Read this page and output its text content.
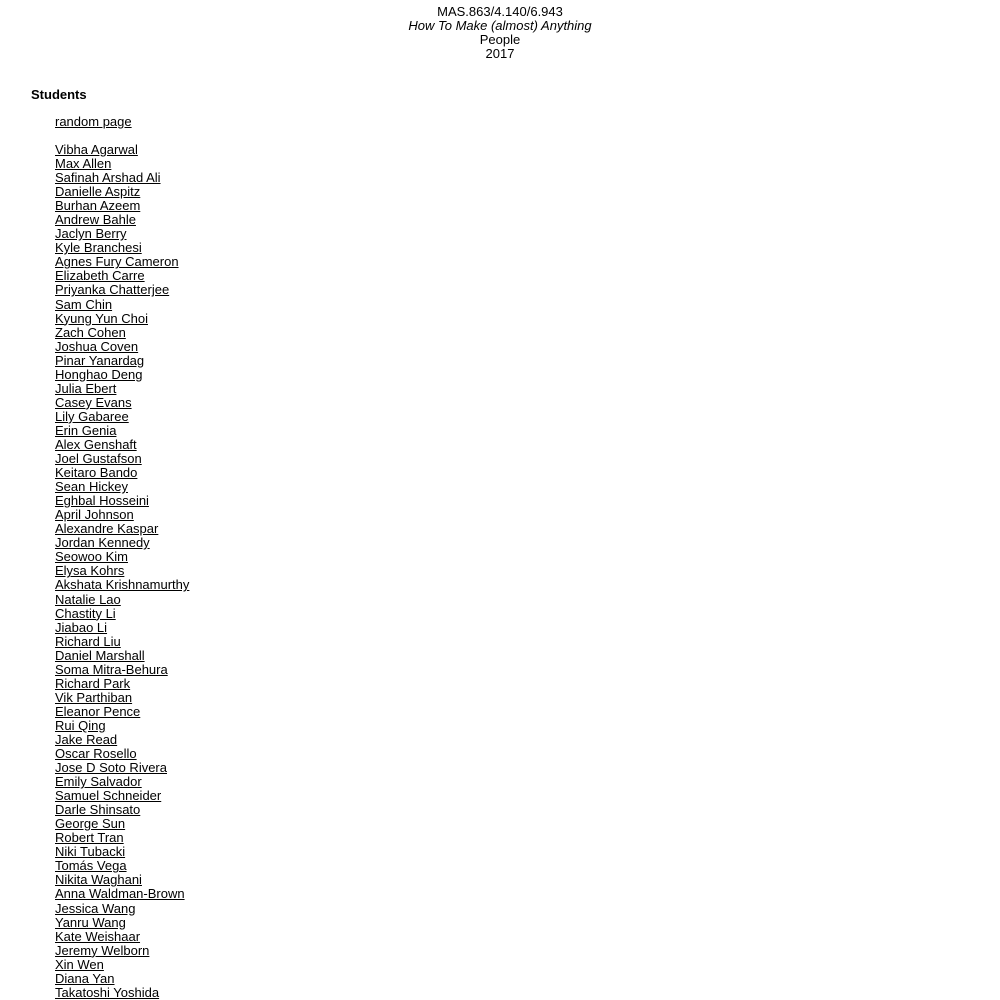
MAS.863/4.140/6.943
How To Make (almost) Anything
People
2017
Students
random page
Vibha Agarwal
Max Allen
Safinah Arshad Ali
Danielle Aspitz
Burhan Azeem
Andrew Bahle
Jaclyn Berry
Kyle Branchesi
Agnes Fury Cameron
Elizabeth Carre
Priyanka Chatterjee
Sam Chin
Kyung Yun Choi
Zach Cohen
Joshua Coven
Pinar Yanardag
Honghao Deng
Julia Ebert
Casey Evans
Lily Gabaree
Erin Genia
Alex Genshaft
Joel Gustafson
Keitaro Bando
Sean Hickey
Eghbal Hosseini
April Johnson
Alexandre Kaspar
Jordan Kennedy
Seowoo Kim
Elysa Kohrs
Akshata Krishnamurthy
Natalie Lao
Chastity Li
Jiabao Li
Richard Liu
Daniel Marshall
Soma Mitra-Behura
Richard Park
Vik Parthiban
Eleanor Pence
Rui Qing
Jake Read
Oscar Rosello
Jose D Soto Rivera
Emily Salvador
Samuel Schneider
Darle Shinsato
George Sun
Robert Tran
Niki Tubacki
Tomás Vega
Nikita Waghani
Anna Waldman-Brown
Jessica Wang
Yanru Wang
Kate Weishaar
Jeremy Welborn
Xin Wen
Diana Yan
Takatoshi Yoshida
